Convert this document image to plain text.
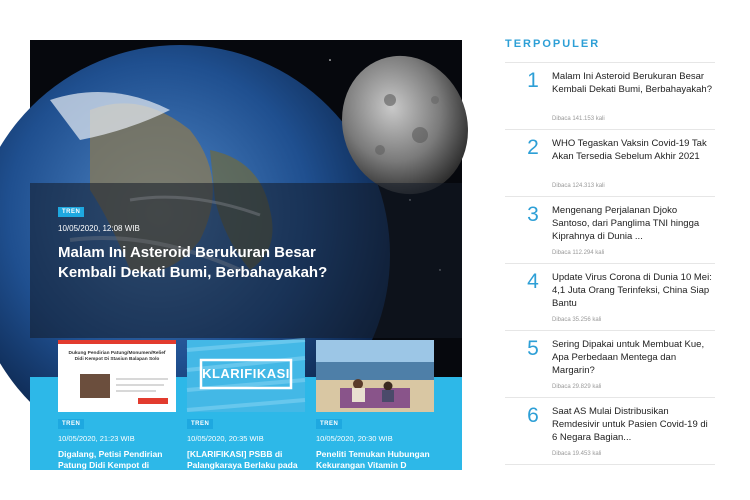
TREN
10/05/2020, 12:08 WIB
Malam Ini Asteroid Berukuran Besar Kembali Dekati Bumi, Berbahayakah?
Dukung Pendirian Patung/Monumen/Relief Didi Kempot Di Stasiun Balapan Solo
TREN
10/05/2020, 21:23 WIB
Digalang, Petisi Pendirian Patung Didi Kempot di Stasiun Balapan Solo
KLARIFIKASI
TREN
10/05/2020, 20:35 WIB
[KLARIFIKASI] PSBB di Palangkaraya Berlaku pada 11 Mei, Bukan 8 Mei 2020
TREN
10/05/2020, 20:30 WIB
Peneliti Temukan Hubungan Kekurangan Vitamin D dengan Kasus Kematian Covid-19
TERPOPULER
1	Malam Ini Asteroid Berukuran Besar Kembali Dekati Bumi, Berbahayakah?
Dibaca 141.153 kali
2	WHO Tegaskan Vaksin Covid-19 Tak Akan Tersedia Sebelum Akhir 2021
Dibaca 124.313 kali
3	Mengenang Perjalanan Djoko Santoso, dari Panglima TNI hingga Kiprahnya di Dunia ...
Dibaca 112.294 kali
4	Update Virus Corona di Dunia 10 Mei: 4,1 Juta Orang Terinfeksi, China Siap Bantu
Dibaca 35.256 kali
5	Sering Dipakai untuk Membuat Kue, Apa Perbedaan Mentega dan Margarin?
Dibaca 29.829 kali
6	Saat AS Mulai Distribusikan Remdesivir untuk Pasien Covid-19 di 6 Negara Bagian...
Dibaca 19.453 kali
